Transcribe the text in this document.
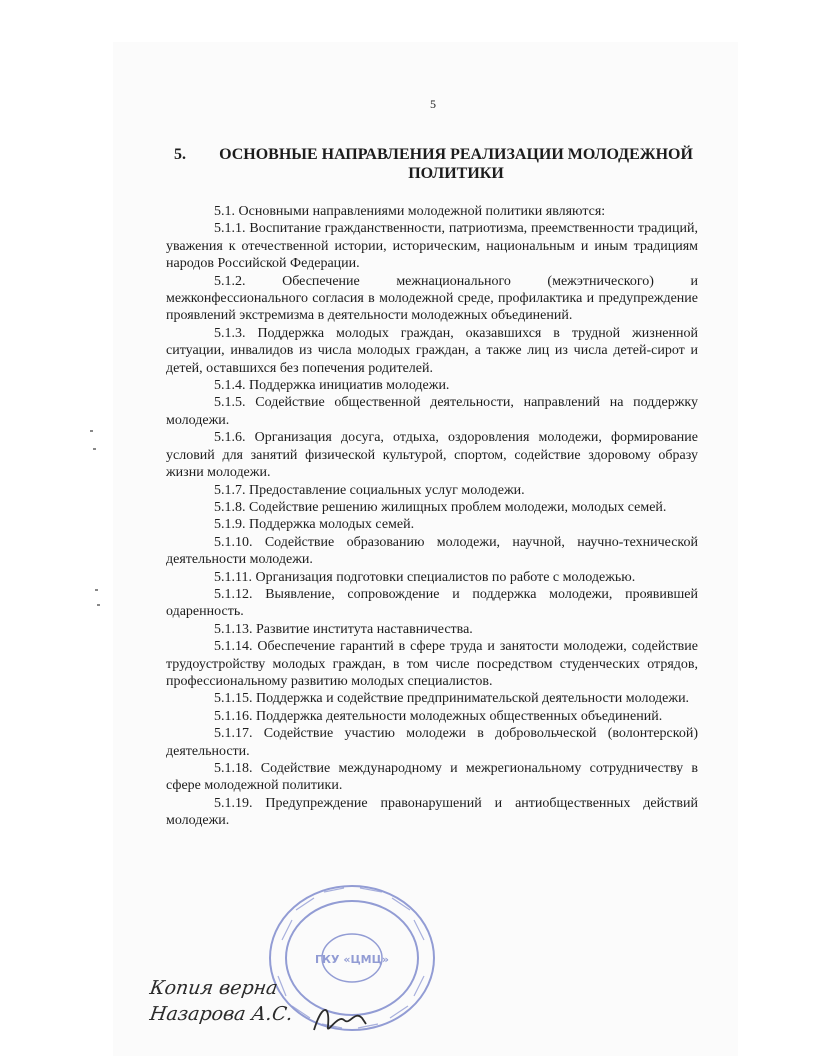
5
5.	ОСНОВНЫЕ НАПРАВЛЕНИЯ РЕАЛИЗАЦИИ МОЛОДЕЖНОЙ ПОЛИТИКИ

5.1. Основными направлениями молодежной политики являются:

5.1.1. Воспитание гражданственности, патриотизма, преемственности традиций, уважения к отечественной истории, историческим, национальным и иным традициям народов Российской Федерации.

5.1.2. Обеспечение межнационального (межэтнического) и межконфессионального согласия в молодежной среде, профилактика и предупреждение проявлений экстремизма в деятельности молодежных объединений.

5.1.3. Поддержка молодых граждан, оказавшихся в трудной жизненной ситуации, инвалидов из числа молодых граждан, а также лиц из числа детей-сирот и детей, оставшихся без попечения родителей.

5.1.4. Поддержка инициатив молодежи.

5.1.5. Содействие общественной деятельности, направлений на поддержку молодежи.

5.1.6. Организация досуга, отдыха, оздоровления молодежи, формирование условий для занятий физической культурой, спортом, содействие здоровому образу жизни молодежи.

5.1.7. Предоставление социальных услуг молодежи.

5.1.8. Содействие решению жилищных проблем молодежи, молодых семей.

5.1.9. Поддержка молодых семей.

5.1.10. Содействие образованию молодежи, научной, научно-технической деятельности молодежи.

5.1.11. Организация подготовки специалистов по работе с молодежью.

5.1.12. Выявление, сопровождение и поддержка молодежи, проявившей одаренность.

5.1.13. Развитие института наставничества.

5.1.14. Обеспечение гарантий в сфере труда и занятости молодежи, содействие трудоустройству молодых граждан, в том числе посредством студенческих отрядов, профессиональному развитию молодых специалистов.

5.1.15. Поддержка и содействие предпринимательской деятельности молодежи.

5.1.16. Поддержка деятельности молодежных общественных объединений.

5.1.17. Содействие участию молодежи в добровольческой (волонтерской) деятельности.

5.1.18. Содействие международному и межрегиональному сотрудничеству в сфере молодежной политики.

5.1.19. Предупреждение правонарушений и антиобщественных действий молодежи.

ГКУ «ЦМЦ»
Копия верна
Назарова А.С.
